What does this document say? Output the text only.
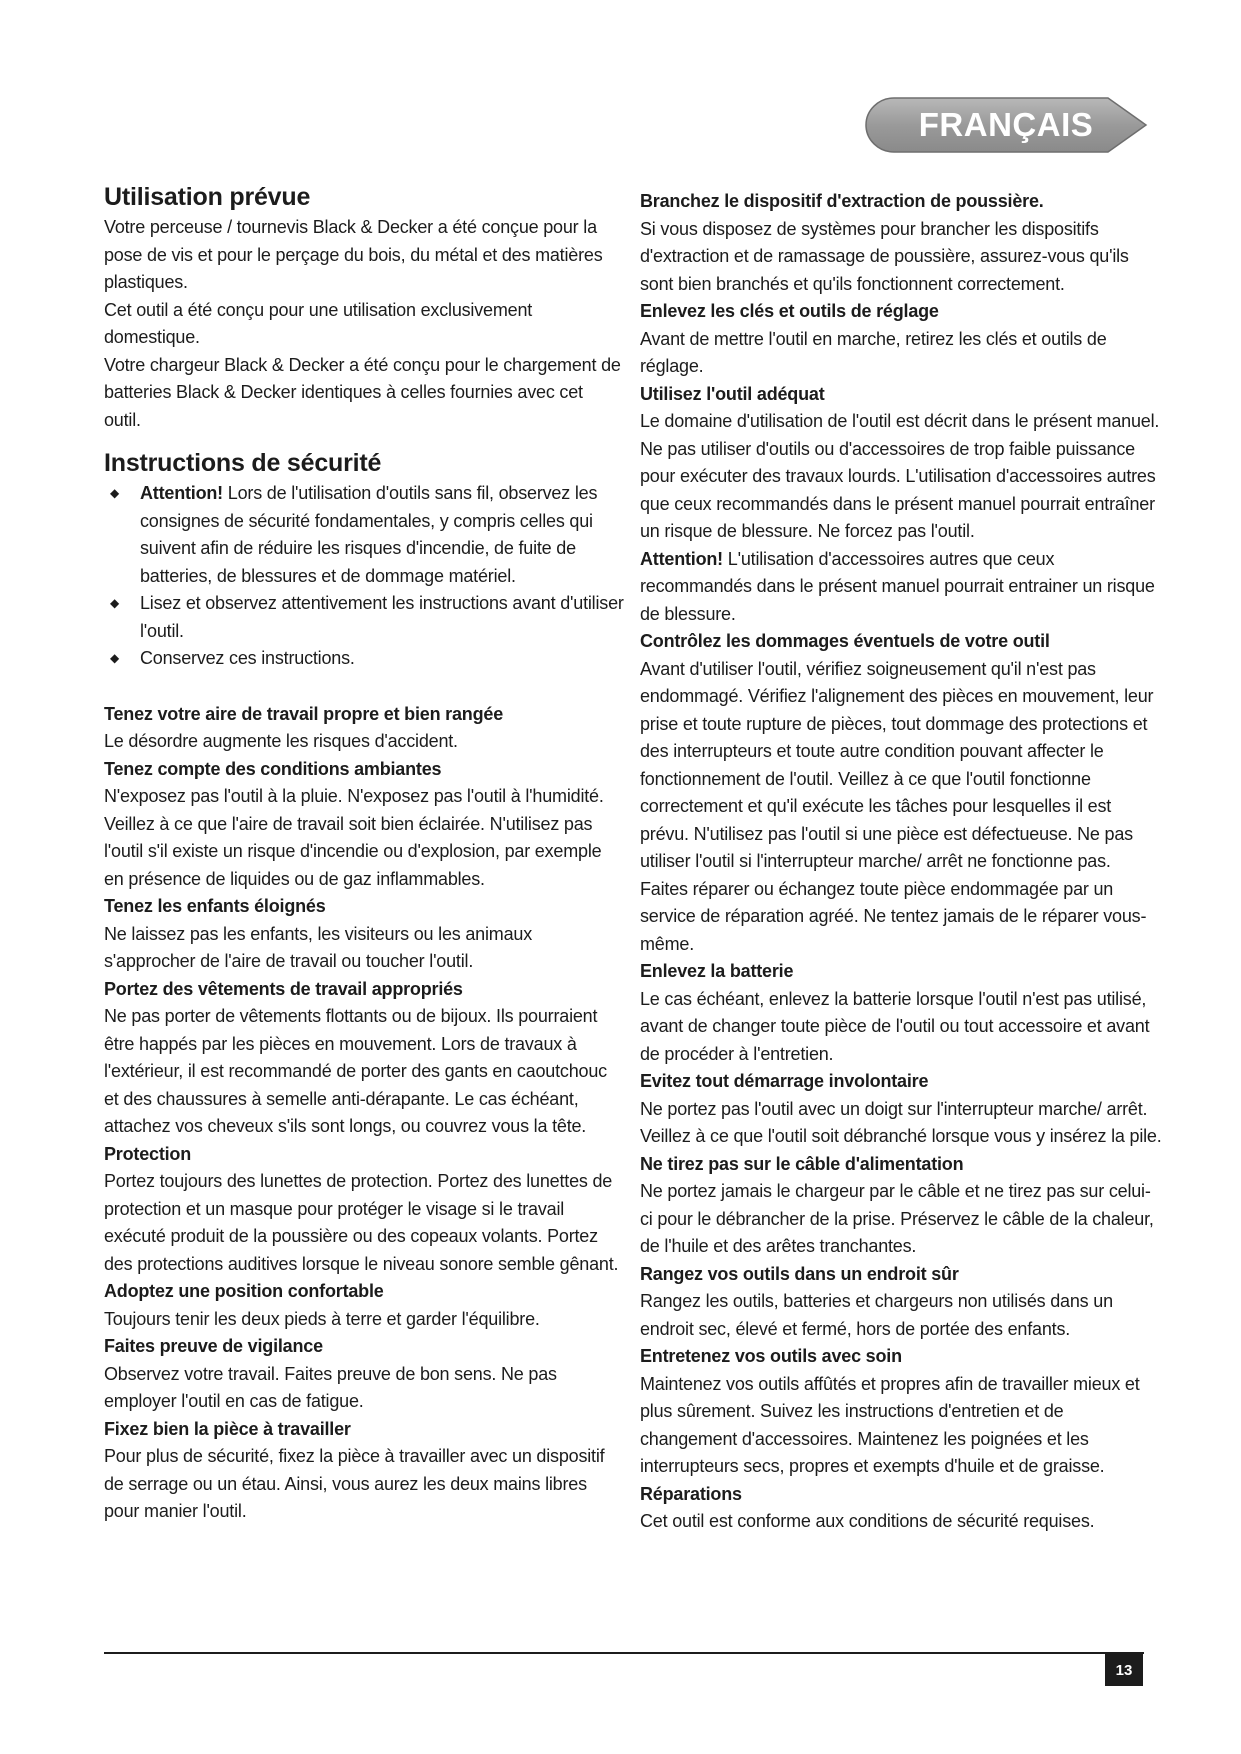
FRANÇAIS
Utilisation prévue

Votre perceuse / tournevis Black & Decker a été conçue pour la pose de vis et pour le perçage du bois, du métal et des matières plastiques.

Cet outil a été conçu pour une utilisation exclusivement domestique.

Votre chargeur Black & Decker a été conçu pour le chargement de batteries Black & Decker identiques à celles fournies avec cet outil.

Instructions de sécurité

◆ Attention! Lors de l'utilisation d'outils sans fil, observez les consignes de sécurité fondamentales, y compris celles qui suivent afin de réduire les risques d'incendie, de fuite de batteries, de blessures et de dommage matériel.

◆ Lisez et observez attentivement les instructions avant d'utiliser l'outil.

◆ Conservez ces instructions.

Tenez votre aire de travail propre et bien rangée

Le désordre augmente les risques d'accident.

Tenez compte des conditions ambiantes

N'exposez pas l'outil à la pluie. N'exposez pas l'outil à l'humidité. Veillez à ce que l'aire de travail soit bien éclairée. N'utilisez pas l'outil s'il existe un risque d'incendie ou d'explosion, par exemple en présence de liquides ou de gaz inflammables.

Tenez les enfants éloignés

Ne laissez pas les enfants, les visiteurs ou les animaux s'approcher de l'aire de travail ou toucher l'outil.

Portez des vêtements de travail appropriés

Ne pas porter de vêtements flottants ou de bijoux. Ils pourraient être happés par les pièces en mouvement. Lors de travaux à l'extérieur, il est recommandé de porter des gants en caoutchouc et des chaussures à semelle anti-dérapante. Le cas échéant, attachez vos cheveux s'ils sont longs, ou couvrez vous la tête.

Protection

Portez toujours des lunettes de protection. Portez des lunettes de protection et un masque pour protéger le visage si le travail exécuté produit de la poussière ou des copeaux volants. Portez des protections auditives lorsque le niveau sonore semble gênant.

Adoptez une position confortable

Toujours tenir les deux pieds à terre et garder l'équilibre.

Faites preuve de vigilance

Observez votre travail. Faites preuve de bon sens. Ne pas employer l'outil en cas de fatigue.

Fixez bien la pièce à travailler

Pour plus de sécurité, fixez la pièce à travailler avec un dispositif de serrage ou un étau. Ainsi, vous aurez les deux mains libres pour manier l'outil.

Branchez le dispositif d'extraction de poussière.

Si vous disposez de systèmes pour brancher les dispositifs d'extraction et de ramassage de poussière, assurez-vous qu'ils sont bien branchés et qu'ils fonctionnent correctement.

Enlevez les clés et outils de réglage

Avant de mettre l'outil en marche, retirez les clés et outils de réglage.

Utilisez l'outil adéquat

Le domaine d'utilisation de l'outil est décrit dans le présent manuel. Ne pas utiliser d'outils ou d'accessoires de trop faible puissance pour exécuter des travaux lourds. L'utilisation d'accessoires autres que ceux recommandés dans le présent manuel pourrait entraîner un risque de blessure. Ne forcez pas l'outil.

Attention! L'utilisation d'accessoires autres que ceux recommandés dans le présent manuel pourrait entrainer un risque de blessure.

Contrôlez les dommages éventuels de votre outil

Avant d'utiliser l'outil, vérifiez soigneusement qu'il n'est pas endommagé. Vérifiez l'alignement des pièces en mouvement, leur prise et toute rupture de pièces, tout dommage des protections et des interrupteurs et toute autre condition pouvant affecter le fonctionnement de l'outil. Veillez à ce que l'outil fonctionne correctement et qu'il exécute les tâches pour lesquelles il est prévu. N'utilisez pas l'outil si une pièce est défectueuse. Ne pas utiliser l'outil si l'interrupteur marche/ arrêt ne fonctionne pas. Faites réparer ou échangez toute pièce endommagée par un service de réparation agréé. Ne tentez jamais de le réparer vous-même.

Enlevez la batterie

Le cas échéant, enlevez la batterie lorsque l'outil n'est pas utilisé, avant de changer toute pièce de l'outil ou tout accessoire et avant de procéder à l'entretien.

Evitez tout démarrage involontaire

Ne portez pas l'outil avec un doigt sur l'interrupteur marche/ arrêt. Veillez à ce que l'outil soit débranché lorsque vous y insérez la pile.

Ne tirez pas sur le câble d'alimentation

Ne portez jamais le chargeur par le câble et ne tirez pas sur celui-ci pour le débrancher de la prise. Préservez le câble de la chaleur, de l'huile et des arêtes tranchantes.

Rangez vos outils dans un endroit sûr

Rangez les outils, batteries et chargeurs non utilisés dans un endroit sec, élevé et fermé, hors de portée des enfants.

Entretenez vos outils avec soin

Maintenez vos outils affûtés et propres afin de travailler mieux et plus sûrement. Suivez les instructions d'entretien et de changement d'accessoires. Maintenez les poignées et les interrupteurs secs, propres et exempts d'huile et de graisse.

Réparations

Cet outil est conforme aux conditions de sécurité requises.

13
